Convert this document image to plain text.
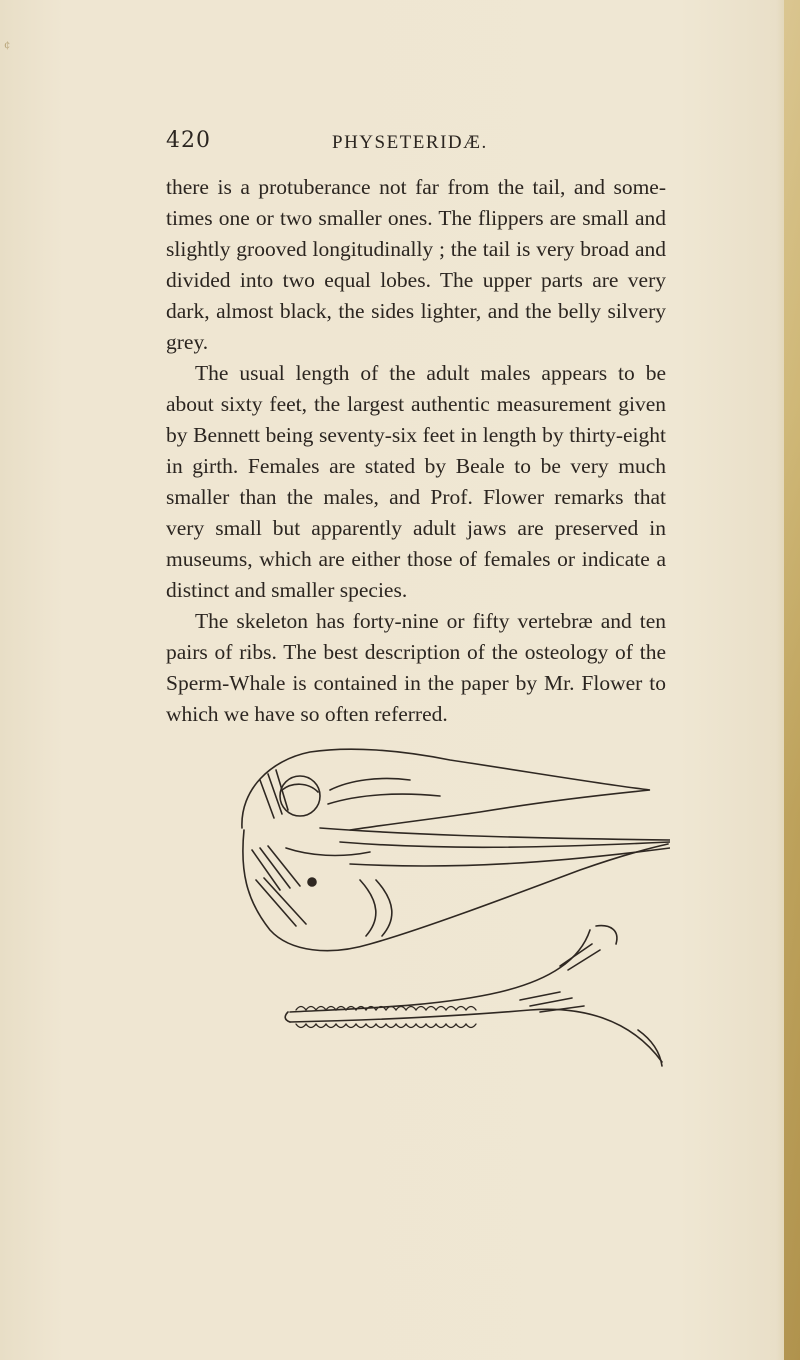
¢
420	PHYSETERIDÆ.

there is a protuberance not far from the tail, and some-times one or two smaller ones. The flippers are small and slightly grooved longitudinally ; the tail is very broad and divided into two equal lobes. The upper parts are very dark, almost black, the sides lighter, and the belly silvery grey.

The usual length of the adult males appears to be about sixty feet, the largest authentic measurement given by Bennett being seventy-six feet in length by thirty-eight in girth. Females are stated by Beale to be very much smaller than the males, and Prof. Flower remarks that very small but apparently adult jaws are preserved in museums, which are either those of females or indicate a distinct and smaller species.

The skeleton has forty-nine or fifty vertebræ and ten pairs of ribs. The best description of the osteology of the Sperm-Whale is contained in the paper by Mr. Flower to which we have so often referred.
